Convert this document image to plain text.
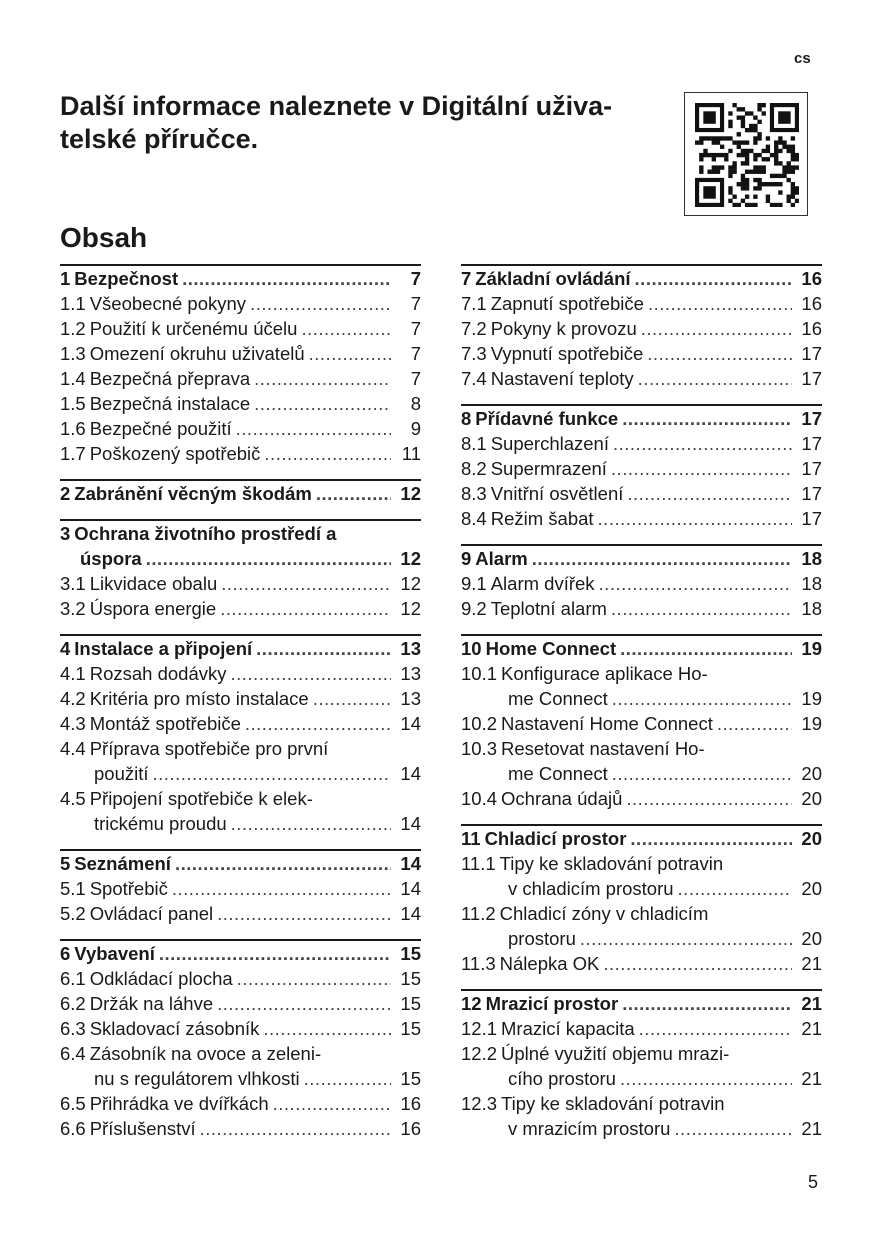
cs
Další informace naleznete v Digitální uživa-
telské příručce.
Obsah
1 Bezpečnost .....	7
1.1 Všeobecné pokyny .....	7
1.2 Použití k určenému účelu .....	7
1.3 Omezení okruhu uživatelů .....	7
1.4 Bezpečná přeprava .....	7
1.5 Bezpečná instalace .....	8
1.6 Bezpečné použití .....	9
1.7 Poškozený spotřebič .....	11
2 Zabránění věcným škodám .....	12
3 Ochrana životního prostředí a
úspora .....	12
3.1 Likvidace obalu .....	12
3.2 Úspora energie .....	12
4 Instalace a připojení .....	13
4.1 Rozsah dodávky .....	13
4.2 Kritéria pro místo instalace .....	13
4.3 Montáž spotřebiče .....	14
4.4 Příprava spotřebiče pro první
použití .....	14
4.5 Připojení spotřebiče k elek-
trickému proudu .....	14
5 Seznámení .....	14
5.1 Spotřebič .....	14
5.2 Ovládací panel .....	14
6 Vybavení .....	15
6.1 Odkládací plocha .....	15
6.2 Držák na láhve .....	15
6.3 Skladovací zásobník .....	15
6.4 Zásobník na ovoce a zeleni-
nu s regulátorem vlhkosti .....	15
6.5 Přihrádka ve dvířkách .....	16
6.6 Příslušenství .....	16
7 Základní ovládání .....	16
7.1 Zapnutí spotřebiče .....	16
7.2 Pokyny k provozu .....	16
7.3 Vypnutí spotřebiče .....	17
7.4 Nastavení teploty .....	17
8 Přídavné funkce .....	17
8.1 Superchlazení .....	17
8.2 Supermrazení .....	17
8.3 Vnitřní osvětlení .....	17
8.4 Režim šabat .....	17
9 Alarm .....	18
9.1 Alarm dvířek .....	18
9.2 Teplotní alarm .....	18
10 Home Connect .....	19
10.1 Konfigurace aplikace Ho-
me Connect .....	19
10.2 Nastavení Home Connect .....	19
10.3 Resetovat nastavení Ho-
me Connect .....	20
10.4 Ochrana údajů .....	20
11 Chladicí prostor .....	20
11.1 Tipy ke skladování potravin
v chladicím prostoru .....	20
11.2 Chladicí zóny v chladicím
prostoru .....	20
11.3 Nálepka OK .....	21
12 Mrazicí prostor .....	21
12.1 Mrazicí kapacita .....	21
12.2 Úplné využití objemu mrazi-
cího prostoru .....	21
12.3 Tipy ke skladování potravin
v mrazicím prostoru .....	21
5
